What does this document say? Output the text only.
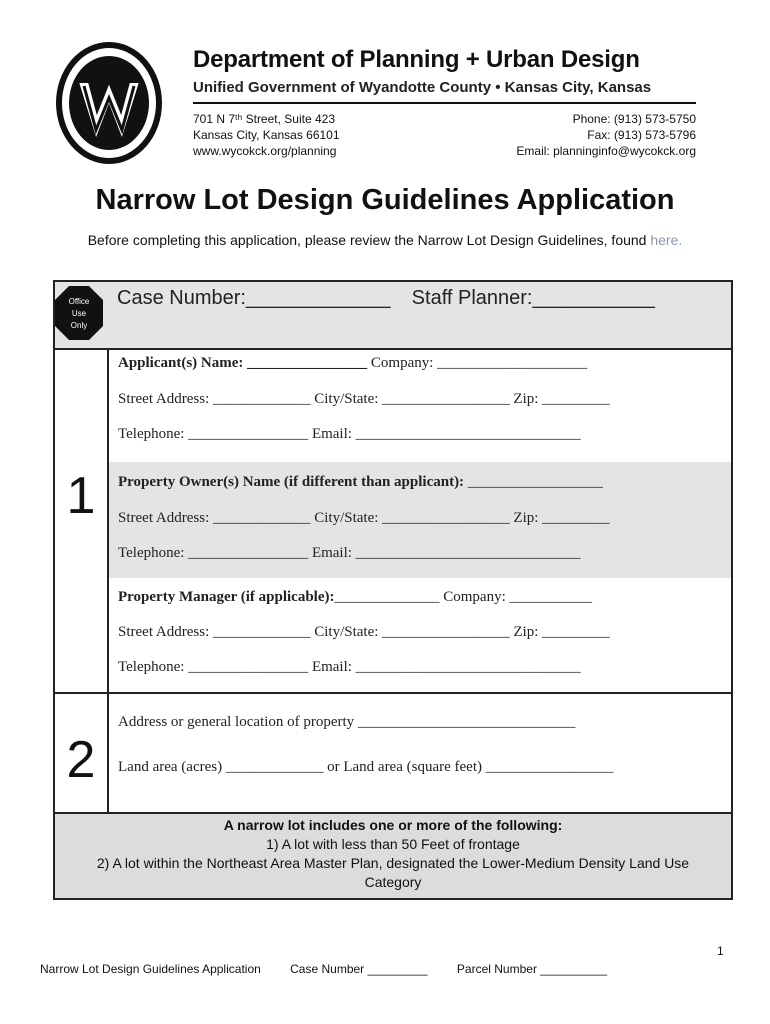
Department of Planning + Urban Design
Unified Government of Wyandotte County • Kansas City, Kansas
701 N 7ᵗʰ Street, Suite 423
Kansas City, Kansas 66101
www.wycokck.org/planning
Phone: (913) 573-5750
Fax: (913) 573-5796
Email: planninginfo@wycokck.org
Narrow Lot Design Guidelines Application
Before completing this application, please review the Narrow Lot Design Guidelines, found here.
Office
Use
Only
Case Number:_____________ Staff Planner:___________
1
Applicant(s) Name: ________________ Company: ____________________
Street Address: _____________ City/State: _________________ Zip: _________
Telephone: ________________ Email: ______________________________
Property Owner(s) Name (if different than applicant): __________________
Street Address: _____________ City/State: _________________ Zip: _________
Telephone: ________________ Email: ______________________________
Property Manager (if applicable):______________ Company: ___________
Street Address: _____________ City/State: _________________ Zip: _________
Telephone: ________________ Email: ______________________________
2
Address or general location of property _____________________________
Land area (acres) _____________ or Land area (square feet) _________________
A narrow lot includes one or more of the following:
1) A lot with less than 50 Feet of frontage
2) A lot within the Northeast Area Master Plan, designated the Lower-Medium Density Land Use Category
1
Narrow Lot Design Guidelines Application Case Number _________ Parcel Number __________
